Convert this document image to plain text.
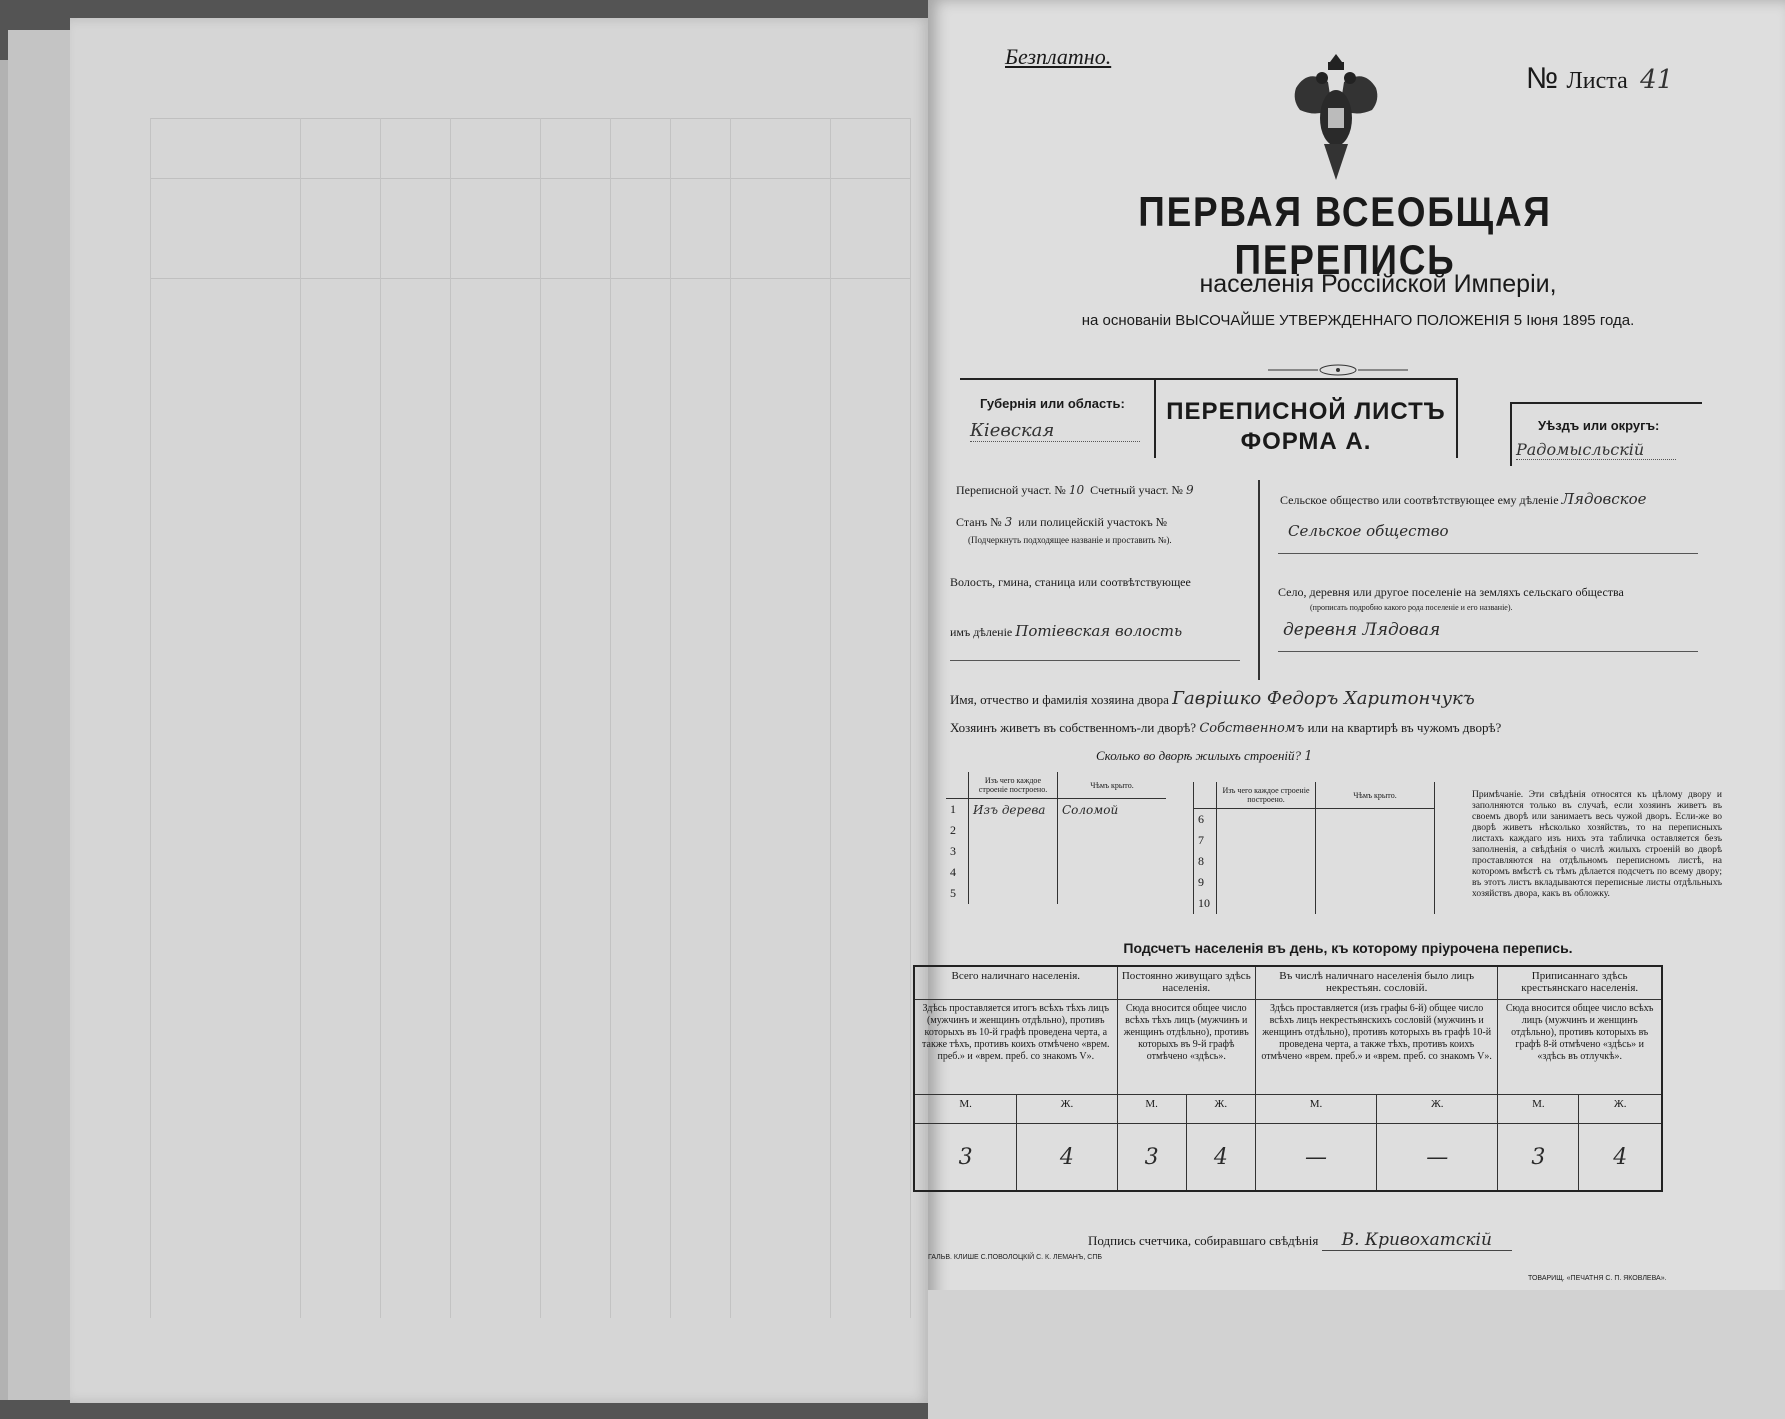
Безплатно.
№ Листа 41
ПЕРВАЯ ВСЕОБЩАЯ ПЕРЕПИСЬ
населенія Россійской Имперіи,
на основаніи ВЫСОЧАЙШЕ УТВЕРЖДЕННАГО ПОЛОЖЕНІЯ 5 Іюня 1895 года.
Губернія или область:
Кіевская
ПЕРЕПИСНОЙ ЛИСТЪ
ФОРМА А.
Уѣздъ или округъ:
Радомысльскій
Переписной участ. № 10 Счетный участ. № 9
Станъ № 3 или полицейскій участокъ №
(Подчеркнуть подходящее названіе и проставить №).
Волость, гмина, станица или соотвѣтствующее
имъ дѣленіе Потіевская волость
Сельское общество или соотвѣтствующее ему дѣленіе Лядовское
Сельское общество
Село, деревня или другое поселеніе на земляхъ сельскаго общества
(прописать подробно какого рода поселеніе и его названіе).
деревня Лядовая
Имя, отчество и фамилія хозяина двора Гаврішко Федоръ Харитончукъ
Хозяинъ живетъ въ собственномъ-ли дворѣ? Собственномъ или на квартирѣ въ чужомъ дворѣ?
Сколько во дворѣ жилыхъ строеній? 1
	Изъ чего каждое строеніе построено.	Чѣмъ крыто.
1	Изъ дерева	Соломой
2		
3		
4		
5		
	Изъ чего каждое строеніе построено.	Чѣмъ крыто.
6		
7		
8		
9		
10		
Примѣчаніе. Эти свѣдѣнія относятся къ цѣлому двору и заполняются только въ случаѣ, если хозяинъ живетъ въ своемъ дворѣ или занимаетъ весь чужой дворъ. Если-же во дворѣ живетъ нѣсколько хозяйствъ, то на переписныхъ листахъ каждаго изъ нихъ эта табличка оставляется безъ заполненія, а свѣдѣнія о числѣ жилыхъ строеній во дворѣ проставляются на отдѣльномъ переписномъ листѣ, на которомъ вмѣстѣ съ тѣмъ дѣлается подсчетъ по всему двору; въ этотъ листъ вкладываются переписные листы отдѣльныхъ хозяйствъ двора, какъ въ обложку.
Подсчетъ населенія въ день, къ которому пріурочена перепись.
Всего наличнаго населенія.		Постоянно живущаго здѣсь населенія.		Въ числѣ наличнаго населенія было лицъ некрестьян. сословій.		Приписаннаго здѣсь крестьянскаго населенія.	
Здѣсь проставляется итогъ всѣхъ тѣхъ лицъ (мужчинъ и женщинъ отдѣльно), противъ которыхъ въ 10-й графѣ проведена черта, а также тѣхъ, противъ коихъ отмѣчено «врем. преб.» и «врем. преб. со знакомъ V».		Сюда вносится общее число всѣхъ тѣхъ лицъ (мужчинъ и женщинъ отдѣльно), противъ которыхъ въ 9-й графѣ отмѣчено «здѣсь».		Здѣсь проставляется (изъ графы 6-й) общее число всѣхъ лицъ некрестьянскихъ сословій (мужчинъ и женщинъ отдѣльно), противъ которыхъ въ графѣ 10-й проведена черта, а также тѣхъ, противъ коихъ отмѣчено «врем. преб.» и «врем. преб. со знакомъ V».		Сюда вносится общее число всѣхъ лицъ (мужчинъ и женщинъ отдѣльно), противъ которыхъ въ графѣ 8-й отмѣчено «здѣсь» и «здѣсь въ отлучкѣ».	
М.	Ж.	М.	Ж.	М.	Ж.	М.	Ж.
3	4	3	4	—	—	3	4
Подпись счетчика, собиравшаго свѣдѣнія В. Кривохатскій
ГАЛЬВ. КЛИШЕ С.ПОВОЛОЦКІЙ С. К. ЛЕМАНЪ, СПБ
ТОВАРИЩ. «ПЕЧАТНЯ С. П. ЯКОВЛЕВА».
